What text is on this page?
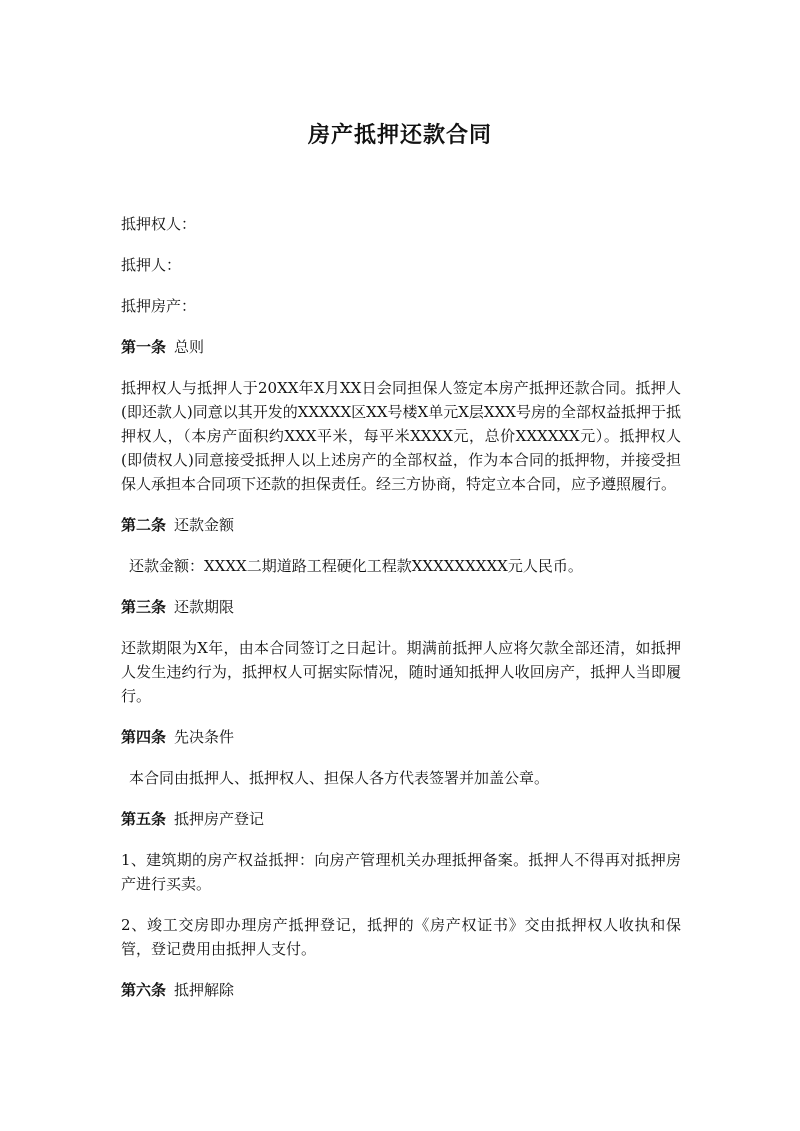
房产抵押还款合同
抵押权人：
抵押人：
抵押房产：
第一条 总则
抵押权人与抵押人于20XX年X月XX日会同担保人签定本房产抵押还款合同。抵押人(即还款人)同意以其开发的XXXXX区XX号楼X单元X层XXX号房的全部权益抵押于抵押权人，（本房产面积约XXX平米，每平米XXXX元，总价XXXXXX元）。抵押权人(即债权人)同意接受抵押人以上述房产的全部权益，作为本合同的抵押物，并接受担保人承担本合同项下还款的担保责任。经三方协商，特定立本合同，应予遵照履行。
第二条 还款金额
还款金额：XXXX二期道路工程硬化工程款XXXXXXXXX元人民币。
第三条 还款期限
还款期限为X年，由本合同签订之日起计。期满前抵押人应将欠款全部还清，如抵押人发生违约行为，抵押权人可据实际情况，随时通知抵押人收回房产，抵押人当即履行。
第四条 先决条件
本合同由抵押人、抵押权人、担保人各方代表签署并加盖公章。
第五条 抵押房产登记
1、建筑期的房产权益抵押：向房产管理机关办理抵押备案。抵押人不得再对抵押房产进行买卖。
2、竣工交房即办理房产抵押登记，抵押的《房产权证书》交由抵押权人收执和保管，登记费用由抵押人支付。
第六条 抵押解除
